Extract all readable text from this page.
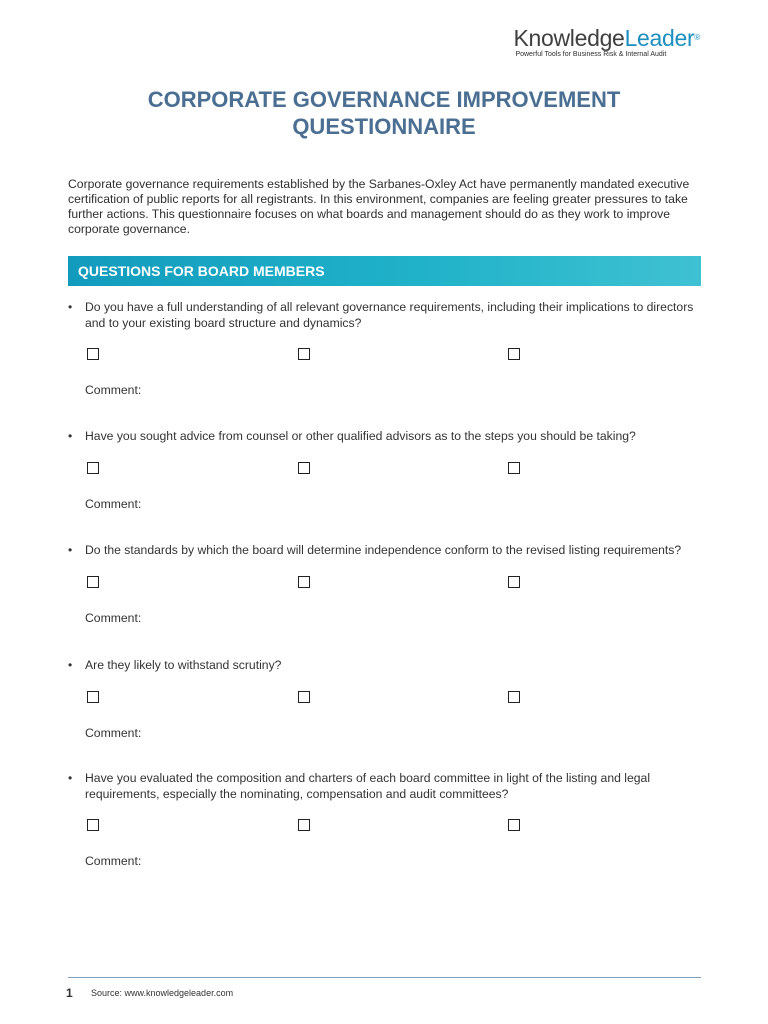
KnowledgeLeader®
Powerful Tools for Business Risk & Internal Audit
CORPORATE GOVERNANCE IMPROVEMENT
QUESTIONNAIRE

Corporate governance requirements established by the Sarbanes-Oxley Act have permanently mandated executive certification of public reports for all registrants. In this environment, companies are feeling greater pressures to take further actions. This questionnaire focuses on what boards and management should do as they work to improve corporate governance.

QUESTIONS FOR BOARD MEMBERS
• Do you have a full understanding of all relevant governance requirements, including their implications to directors and to your existing board structure and dynamics?
Comment:
• Have you sought advice from counsel or other qualified advisors as to the steps you should be taking?
Comment:
• Do the standards by which the board will determine independence conform to the revised listing requirements?
Comment:
• Are they likely to withstand scrutiny?
Comment:
• Have you evaluated the composition and charters of each board committee in light of the listing and legal requirements, especially the nominating, compensation and audit committees?
Comment:
1 Source: www.knowledgeleader.com
